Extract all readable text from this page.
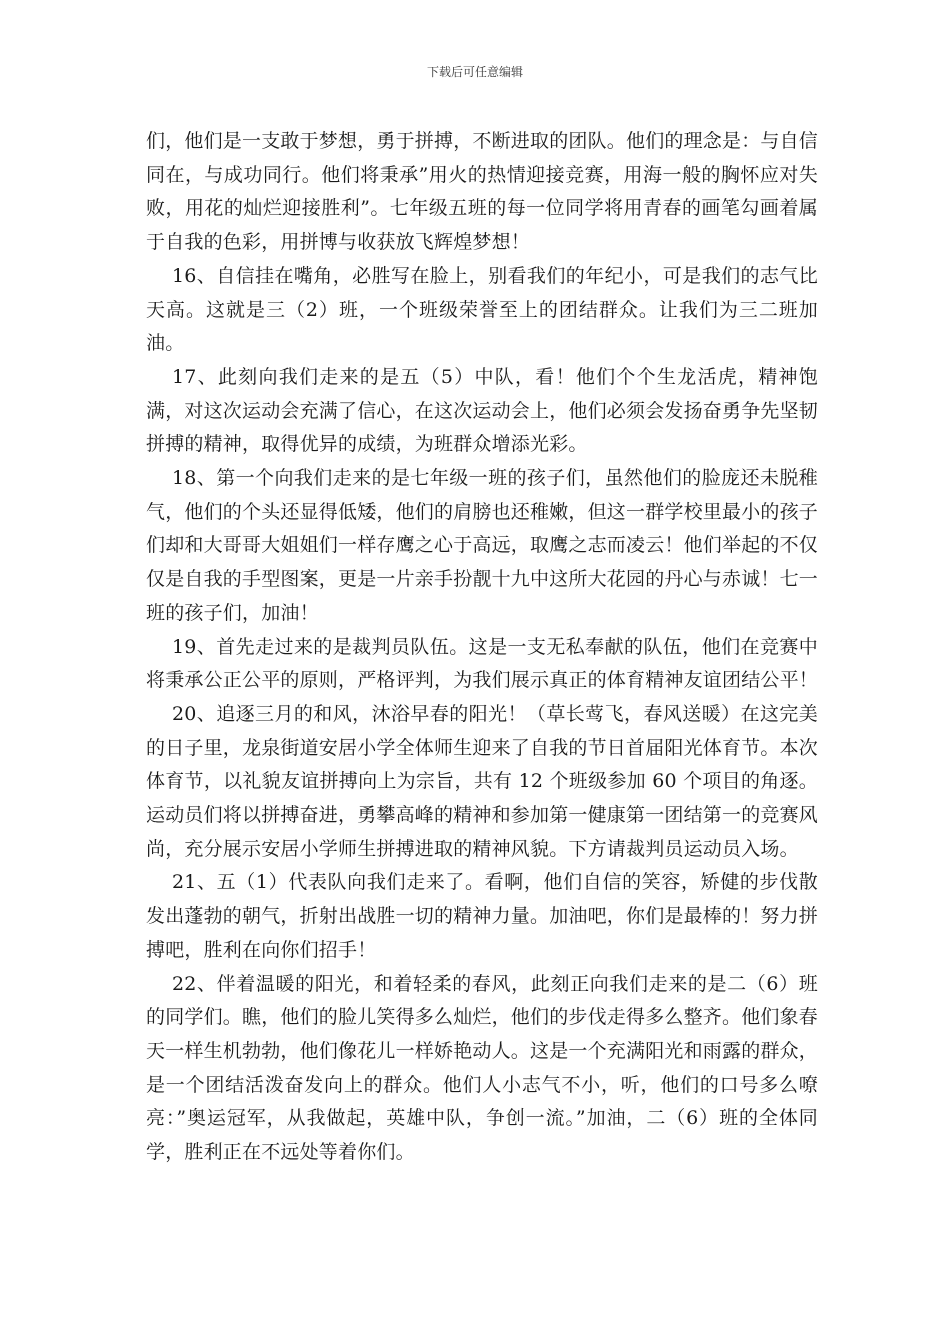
下载后可任意编辑

们，他们是一支敢于梦想，勇于拼搏，不断进取的团队。他们的理念是：与自信同在，与成功同行。他们将秉承”用火的热情迎接竞赛，用海一般的胸怀应对失败，用花的灿烂迎接胜利”。七年级五班的每一位同学将用青春的画笔勾画着属于自我的色彩，用拼博与收获放飞辉煌梦想！

16、自信挂在嘴角，必胜写在脸上，别看我们的年纪小，可是我们的志气比天高。这就是三（2）班，一个班级荣誉至上的团结群众。让我们为三二班加油。

17、此刻向我们走来的是五（5）中队，看！他们个个生龙活虎，精神饱满，对这次运动会充满了信心，在这次运动会上，他们必须会发扬奋勇争先坚韧拼搏的精神，取得优异的成绩，为班群众增添光彩。

18、第一个向我们走来的是七年级一班的孩子们，虽然他们的脸庞还未脱稚气，他们的个头还显得低矮，他们的肩膀也还稚嫩，但这一群学校里最小的孩子们却和大哥哥大姐姐们一样存鹰之心于高远，取鹰之志而凌云！他们举起的不仅仅是自我的手型图案，更是一片亲手扮靓十九中这所大花园的丹心与赤诚！七一班的孩子们，加油！

19、首先走过来的是裁判员队伍。这是一支无私奉献的队伍，他们在竞赛中将秉承公正公平的原则，严格评判，为我们展示真正的体育精神友谊团结公平！

20、追逐三月的和风，沐浴早春的阳光！（草长莺飞，春风送暖）在这完美的日子里，龙泉街道安居小学全体师生迎来了自我的节日首届阳光体育节。本次体育节，以礼貌友谊拼搏向上为宗旨，共有 12 个班级参加 60 个项目的角逐。运动员们将以拼搏奋进，勇攀高峰的精神和参加第一健康第一团结第一的竞赛风尚，充分展示安居小学师生拼搏进取的精神风貌。下方请裁判员运动员入场。

21、五（1）代表队向我们走来了。看啊，他们自信的笑容，矫健的步伐散发出蓬勃的朝气，折射出战胜一切的精神力量。加油吧，你们是最棒的！努力拼搏吧，胜利在向你们招手！

22、伴着温暖的阳光，和着轻柔的春风，此刻正向我们走来的是二（6）班的同学们。瞧，他们的脸儿笑得多么灿烂，他们的步伐走得多么整齐。他们象春天一样生机勃勃，他们像花儿一样娇艳动人。这是一个充满阳光和雨露的群众，是一个团结活泼奋发向上的群众。他们人小志气不小，听，他们的口号多么嘹亮：”奥运冠军，从我做起，英雄中队，争创一流。”加油，二（6）班的全体同学，胜利正在不远处等着你们。
